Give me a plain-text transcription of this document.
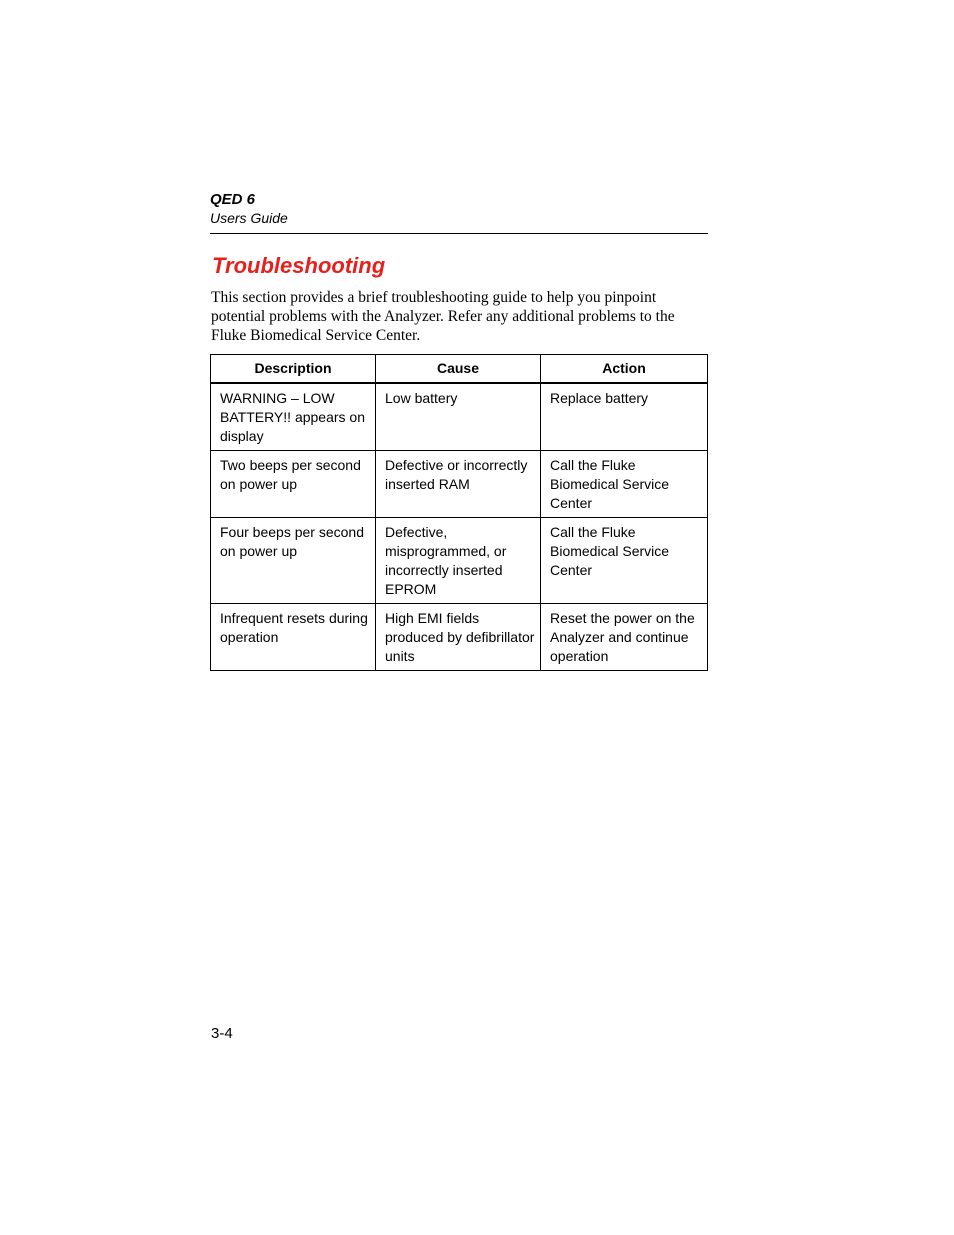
QED 6
Users Guide
Troubleshooting

This section provides a brief troubleshooting guide to help you pinpoint potential problems with the Analyzer. Refer any additional problems to the Fluke Biomedical Service Center.

Description	Cause	Action
WARNING – LOW BATTERY!! appears on display	Low battery	Replace battery
Two beeps per second on power up	Defective or incorrectly inserted RAM	Call the Fluke Biomedical Service Center
Four beeps per second on power up	Defective, misprogrammed, or incorrectly inserted EPROM	Call the Fluke Biomedical Service Center
Infrequent resets during operation	High EMI fields produced by defibrillator units	Reset the power on the Analyzer and continue operation
3-4
